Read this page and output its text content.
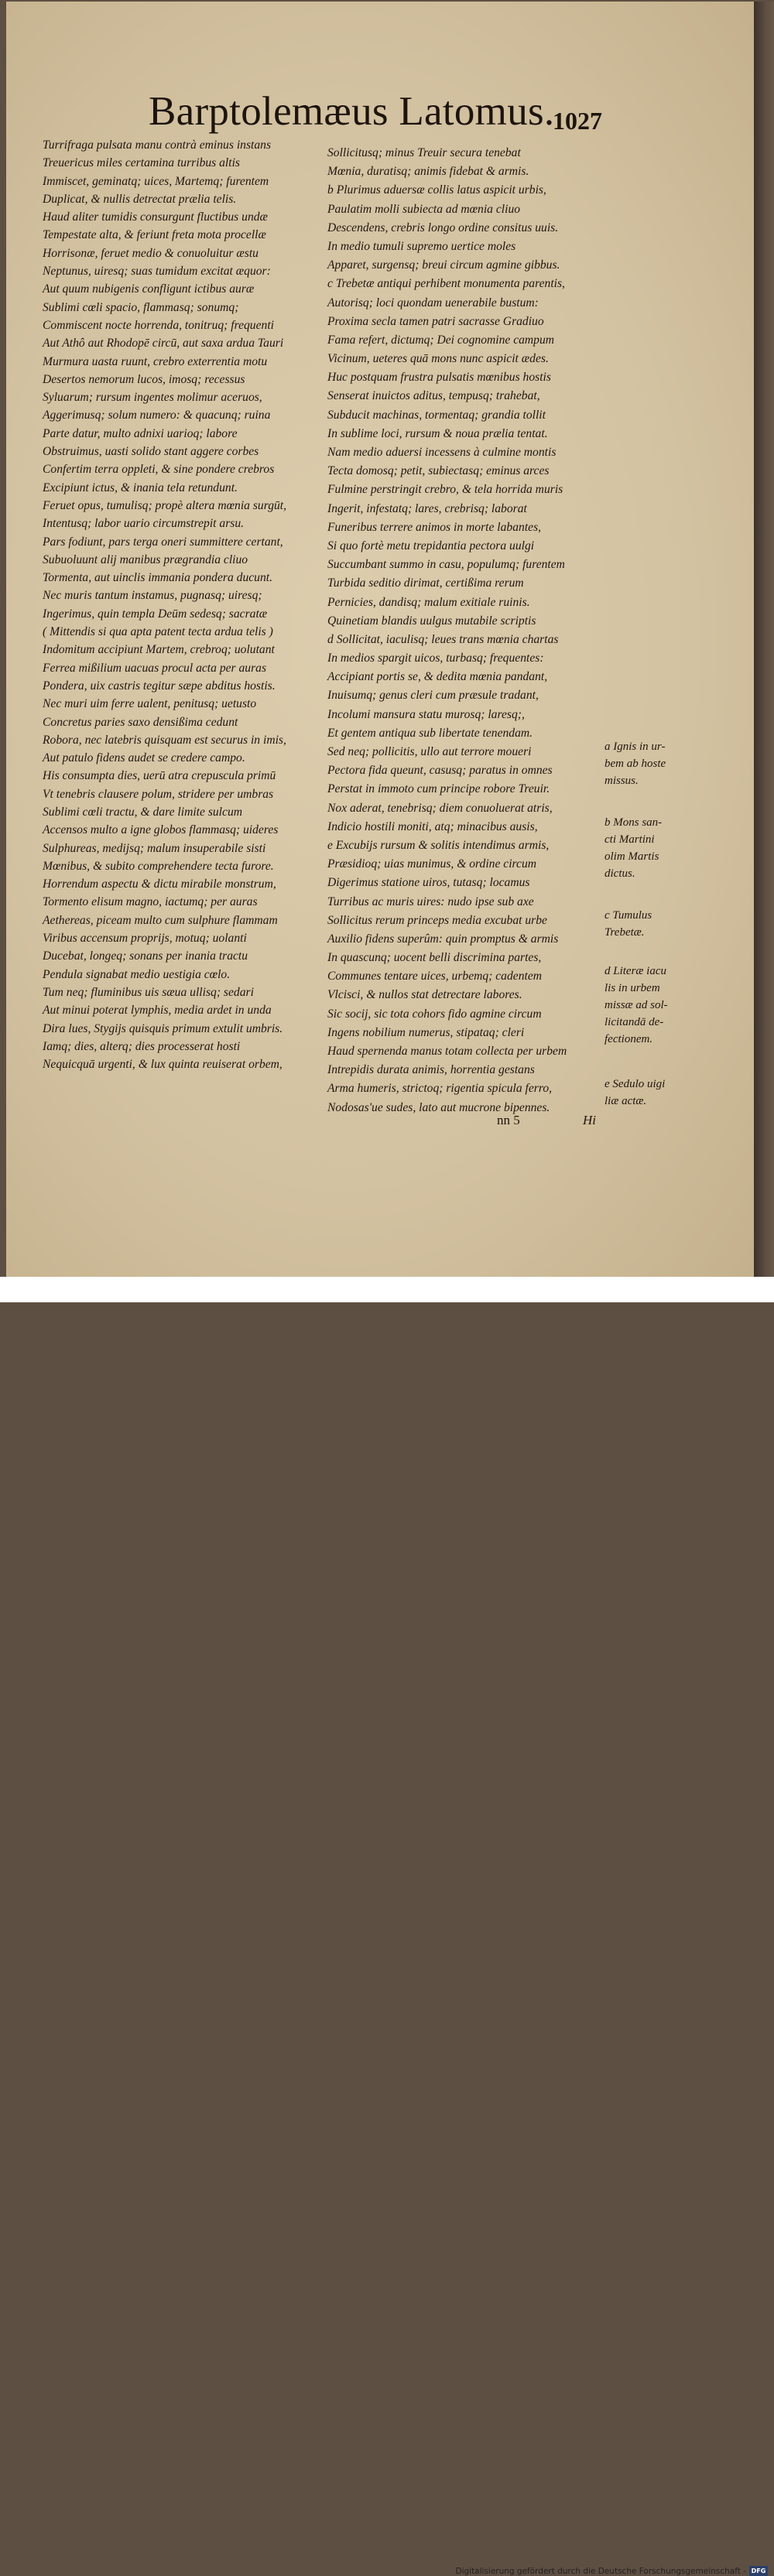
Barptolemæus Latomus.
1027
Turrifraga pulsata manu contrà eminus instans
Treuericus miles certamina turribus altis
Immiscet, geminatq; uices, Martemq; furentem
Duplicat, & nullis detrectat prælia telis.
Haud aliter tumidis consurgunt fluctibus undæ
Tempestate alta, & feriunt freta mota procellæ
Horrisonæ, feruet medio & conuoluitur æstu
Neptunus, uiresq; suas tumidum excitat æquor:
Aut quum nubigenis confligunt ictibus auræ
Sublimi cœli spacio, flammasq; sonumq;
Commiscent nocte horrenda, tonitruq; frequenti
Aut Athô aut Rhodopē circū, aut saxa ardua Tauri
Murmura uasta ruunt, crebro exterrentia motu
Desertos nemorum lucos, imosq; recessus
Syluarum; rursum ingentes molimur aceruos,
Aggerimusq; solum numero: & quacunq; ruina
Parte datur, multo adnixi uarioq; labore
Obstruimus, uasti solido stant aggere corbes
Confertim terra oppleti, & sine pondere crebros
Excipiunt ictus, & inania tela retundunt.
Feruet opus, tumulisq; propè altera mœnia surgūt,
Intentusq; labor uario circumstrepit arsu.
Pars fodiunt, pars terga oneri summittere certant,
Subuoluunt alij manibus prægrandia cliuo
Tormenta, aut uinclis immania pondera ducunt.
Nec muris tantum instamus, pugnasq; uiresq;
Ingerimus, quin templa Deūm sedesq; sacratæ
( Mittendis si qua apta patent tecta ardua telis )
Indomitum accipiunt Martem, crebroq; uolutant
Ferrea mißilium uacuas procul acta per auras
Pondera, uix castris tegitur sæpe abditus hostis.
Nec muri uim ferre ualent, penitusq; uetusto
Concretus paries saxo densißima cedunt
Robora, nec latebris quisquam est securus in imis,
Aut patulo fidens audet se credere campo.
His consumpta dies, uerū atra crepuscula primū
Vt tenebris clausere polum, stridere per umbras
Sublimi cœli tractu, & dare limite sulcum
Accensos multo a igne globos flammasq; uideres
Sulphureas, medijsq; malum insuperabile sisti
Mœnibus, & subito comprehendere tecta furore.
Horrendum aspectu & dictu mirabile monstrum,
Tormento elisum magno, iactumq; per auras
Aethereas, piceam multo cum sulphure flammam
Viribus accensum proprijs, motuq; uolanti
Ducebat, longeq; sonans per inania tractu
Pendula signabat medio uestigia cœlo.
Tum neq; fluminibus uis sæua ullisq; sedari
Aut minui poterat lymphis, media ardet in unda
Dira lues, Stygijs quisquis primum extulit umbris.
Iamq; dies, alterq; dies processerat hosti
Nequicquā urgenti, & lux quinta reuiserat orbem,
Sollicitusq; minus Treuir secura tenebat
Mœnia, duratisq; animis fidebat & armis.
b Plurimus aduersæ collis latus aspicit urbis,
Paulatim molli subiecta ad mœnia cliuo
Descendens, crebris longo ordine consitus uuis.
In medio tumuli supremo uertice moles
Apparet, surgensq; breui circum agmine gibbus.
c Trebetæ antiqui perhibent monumenta parentis,
Autorisq; loci quondam uenerabile bustum:
Proxima secla tamen patri sacrasse Gradiuo
Fama refert, dictumq; Dei cognomine campum
Vicinum, ueteres quā mons nunc aspicit ædes.
Huc postquam frustra pulsatis mœnibus hostis
Senserat inuictos aditus, tempusq; trahebat,
Subducit machinas, tormentaq; grandia tollit
In sublime loci, rursum & noua prælia tentat.
Nam medio aduersi incessens à culmine montis
Tecta domosq; petit, subiectasq; eminus arces
Fulmine perstringit crebro, & tela horrida muris
Ingerit, infestatq; lares, crebrisq; laborat
Funeribus terrere animos in morte labantes,
Si quo fortè metu trepidantia pectora uulgi
Succumbant summo in casu, populumq; furentem
Turbida seditio dirimat, certißima rerum
Pernicies, dandisq; malum exitiale ruinis.
Quinetiam blandis uulgus mutabile scriptis
d Sollicitat, iaculisq; leues trans mœnia chartas
In medios spargit uicos, turbasq; frequentes:
Accipiant portis se, & dedita mœnia pandant,
Inuisumq; genus cleri cum præsule tradant,
Incolumi mansura statu murosq; laresq;,
Et gentem antiqua sub libertate tenendam.
Sed neq; pollicitis, ullo aut terrore moueri
Pectora fida queunt, casusq; paratus in omnes
Perstat in immoto cum principe robore Treuir.
Nox aderat, tenebrisq; diem conuoluerat atris,
Indicio hostili moniti, atq; minacibus ausis,
e Excubijs rursum & solitis intendimus armis,
Præsidioq; uias munimus, & ordine circum
Digerimus statione uiros, tutasq; locamus
Turribus ac muris uires: nudo ipse sub axe
Sollicitus rerum princeps media excubat urbe
Auxilio fidens superûm: quin promptus & armis
In quascunq; uocent belli discrimina partes,
Communes tentare uices, urbemq; cadentem
Vlcisci, & nullos stat detrectare labores.
Sic socij, sic tota cohors fido agmine circum
Ingens nobilium numerus, stipataq; cleri
Haud spernenda manus totam collecta per urbem
Intrepidis durata animis, horrentia gestans
Arma humeris, strictoq; rigentia spicula ferro,
Nodosas'ue sudes, lato aut mucrone bipennes.
a Ignis in ur-
bem ab hoste
missus.
b Mons san-
cti Martini
olim Martis
dictus.
c Tumulus
Trebetæ.
d Literæ iacu
lis in urbem
missæ ad sol-
licitandā de-
fectionem.
e Sedulo uigi
liæ actæ.
nn 5	Hi
Digitalisierung gefördert durch die Deutsche Forschungsgemeinschaft - DFG
